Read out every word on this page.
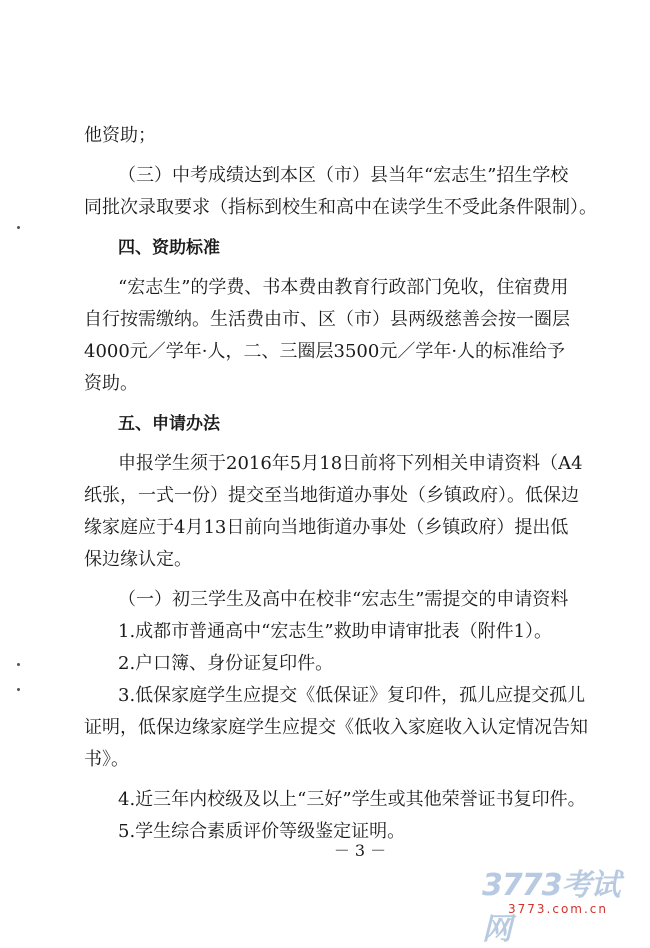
他资助；
（三）中考成绩达到本区（市）县当年“宏志生”招生学校
同批次录取要求（指标到校生和高中在读学生不受此条件限制）。
四、资助标准
“宏志生”的学费、书本费由教育行政部门免收，住宿费用
自行按需缴纳。生活费由市、区（市）县两级慈善会按一圈层
4000元／学年·人，二、三圈层3500元／学年·人的标准给予
资助。
五、申请办法
申报学生须于2016年5月18日前将下列相关申请资料（A4
纸张，一式一份）提交至当地街道办事处（乡镇政府）。低保边
缘家庭应于4月13日前向当地街道办事处（乡镇政府）提出低
保边缘认定。
（一）初三学生及高中在校非“宏志生”需提交的申请资料
1.成都市普通高中“宏志生”救助申请审批表（附件1）。
2.户口簿、身份证复印件。
3.低保家庭学生应提交《低保证》复印件，孤儿应提交孤儿
证明，低保边缘家庭学生应提交《低收入家庭收入认定情况告知
书》。
4.近三年内校级及以上“三好”学生或其他荣誉证书复印件。
5.学生综合素质评价等级鉴定证明。
－ 3 －
3773考试网
3773.com.cn
